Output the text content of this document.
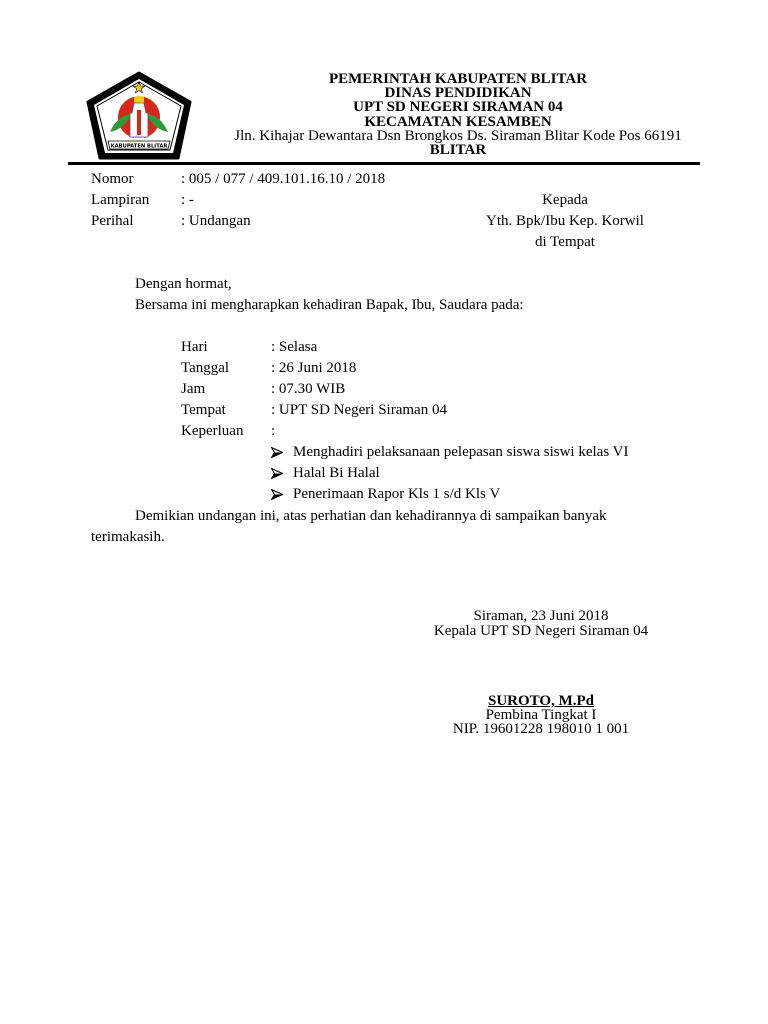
KABUPATEN BLITAR
PEMERINTAH KABUPATEN BLITAR
DINAS PENDIDIKAN
UPT SD NEGERI SIRAMAN 04
KECAMATAN KESAMBEN
Jln. Kihajar Dewantara Dsn Brongkos Ds. Siraman Blitar Kode Pos 66191
BLITAR
Nomor	: 005 / 077 / 409.101.16.10 / 2018
Lampiran : -
Perihal	: Undangan
Kepada
Yth. Bpk/Ibu Kep. Korwil
di Tempat
Dengan hormat,
Bersama ini mengharapkan kehadiran Bapak, Ibu, Saudara pada:
Hari	: Selasa
Tanggal	: 26 Juni 2018
Jam	: 07.30 WIB
Tempat	: UPT SD Negeri Siraman 04
Keperluan :
Menghadiri pelaksanaan pelepasan siswa siswi kelas VI
Halal Bi Halal
Penerimaan Rapor Kls 1 s/d Kls V
Demikian undangan ini, atas perhatian dan kehadirannya di sampaikan banyak
terimakasih.
Siraman, 23 Juni 2018
Kepala UPT SD Negeri Siraman 04
SUROTO, M.Pd
Pembina Tingkat I
NIP. 19601228 198010 1 001
